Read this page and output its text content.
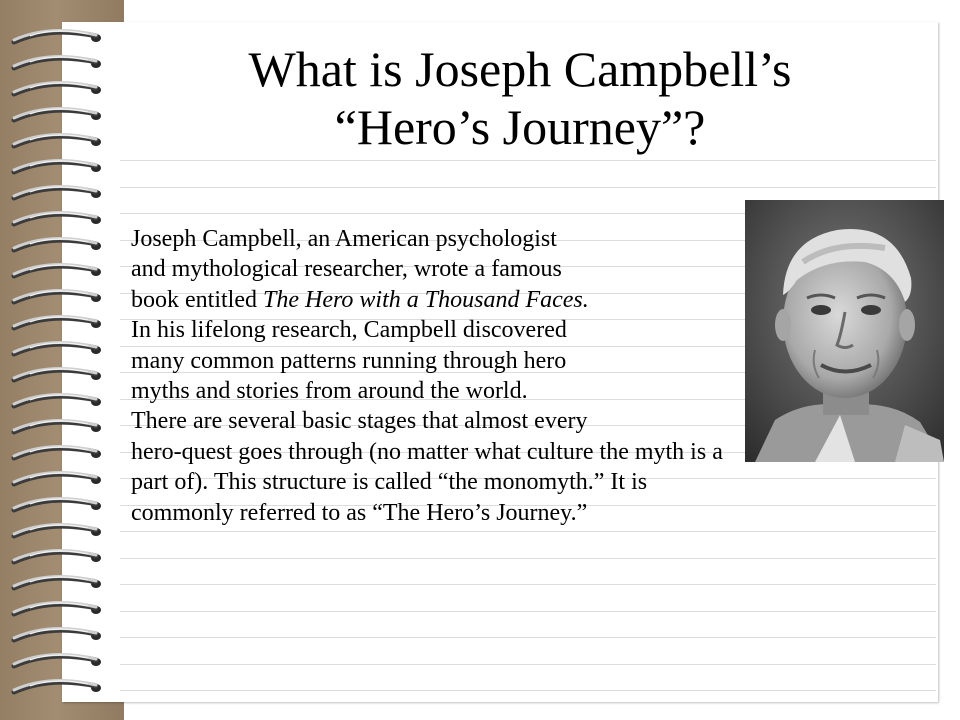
What is Joseph Campbell’s
“Hero’s Journey”?
Joseph Campbell, an American psychologist
and mythological researcher, wrote a famous
book entitled The Hero with a Thousand Faces.
In his lifelong research, Campbell discovered
many common patterns running through hero
myths and stories from around the world.
There are several basic stages that almost every
hero-quest goes through (no matter what culture the myth is a
part of). This structure is called “the monomyth.” It is
commonly referred to as “The Hero’s Journey.”
